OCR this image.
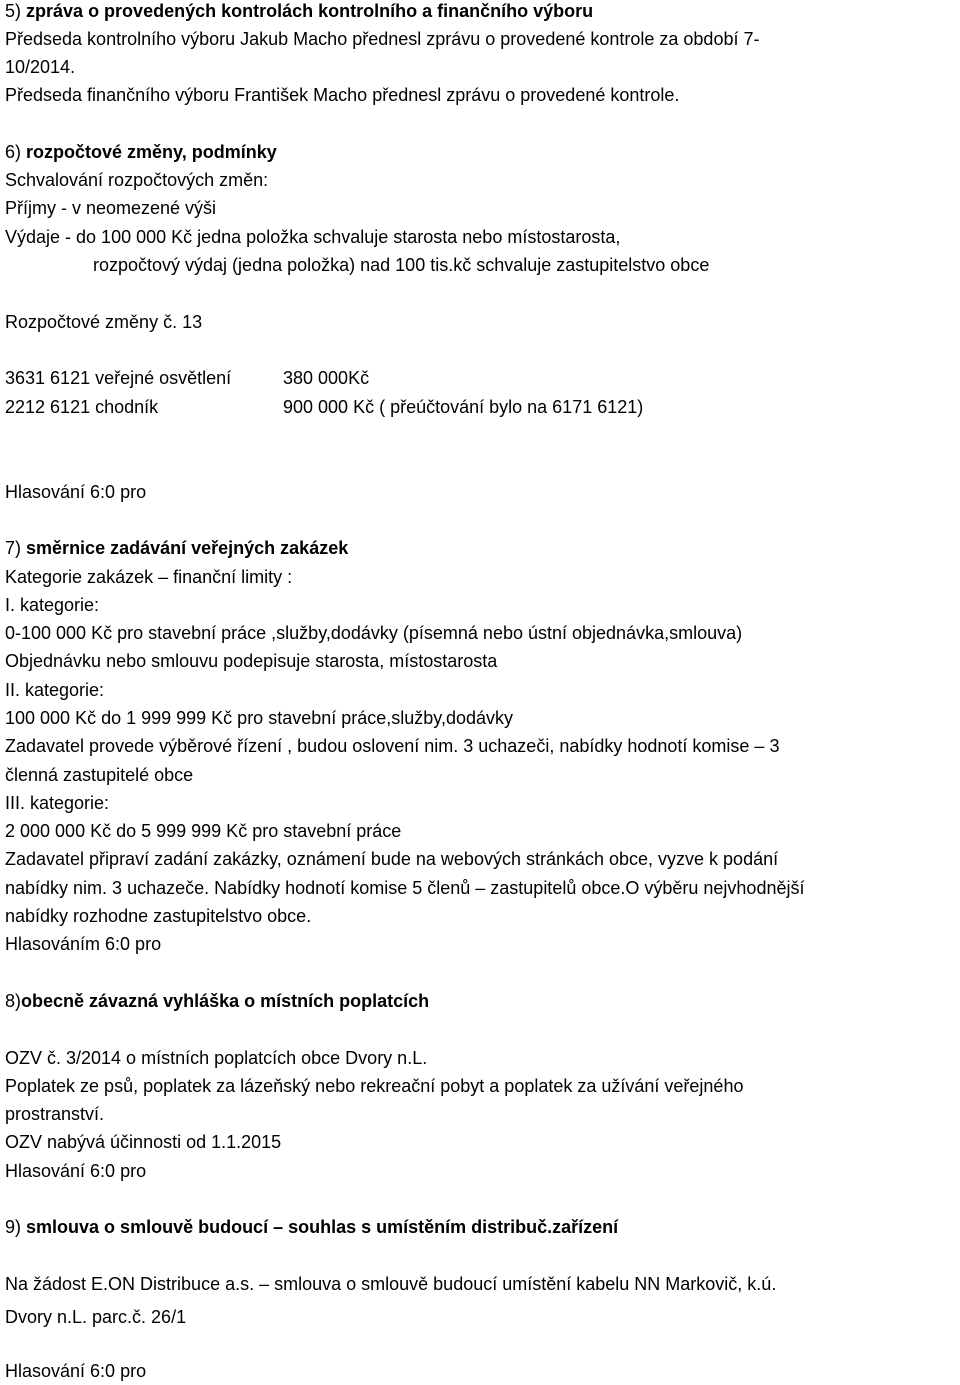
5) zpráva o provedených kontrolách kontrolního a finančního výboru
Předseda kontrolního výboru Jakub Macho přednesl zprávu o provedené kontrole za období 7-
10/2014.
Předseda finančního výboru František Macho přednesl zprávu o provedené kontrole.
6) rozpočtové změny, podmínky
Schvalování rozpočtových změn:
Příjmy - v neomezené výši
Výdaje - do 100 000 Kč jedna položka schvaluje starosta nebo místostarosta,
rozpočtový výdaj (jedna položka) nad 100 tis.kč schvaluje zastupitelstvo obce
Rozpočtové změny č. 13
3631 6121 veřejné osvětlení	380 000Kč
2212 6121 chodník	900 000 Kč ( přeúčtování bylo na 6171 6121)
Hlasování 6:0 pro
7) směrnice zadávání veřejných zakázek
Kategorie zakázek – finanční limity :
I. kategorie:
0-100 000 Kč pro stavební práce ,služby,dodávky (písemná nebo ústní objednávka,smlouva)
Objednávku nebo smlouvu podepisuje starosta, místostarosta
II. kategorie:
100 000 Kč do 1 999 999 Kč pro stavební práce,služby,dodávky
Zadavatel provede výběrové řízení , budou oslovení nim. 3 uchazeči, nabídky hodnotí komise – 3
členná zastupitelé obce
III. kategorie:
2 000 000 Kč do 5 999 999 Kč pro stavební práce
Zadavatel připraví zadání zakázky, oznámení bude na webových stránkách obce, vyzve k podání
nabídky nim. 3 uchazeče. Nabídky hodnotí komise 5 členů – zastupitelů obce.O výběru nejvhodnější
nabídky rozhodne zastupitelstvo obce.
Hlasováním 6:0 pro
8)obecně závazná vyhláška o místních poplatcích
OZV č. 3/2014 o místních poplatcích obce Dvory n.L.
Poplatek ze psů, poplatek za lázeňský nebo rekreační pobyt a poplatek za užívání veřejného
prostranství.
OZV nabývá účinnosti od 1.1.2015
Hlasování 6:0 pro
9) smlouva o smlouvě budoucí – souhlas s umístěním distribuč.zařízení
Na žádost E.ON Distribuce a.s. – smlouva o smlouvě budoucí umístění kabelu NN Markovič, k.ú.
Dvory n.L. parc.č. 26/1
Hlasování 6:0 pro
